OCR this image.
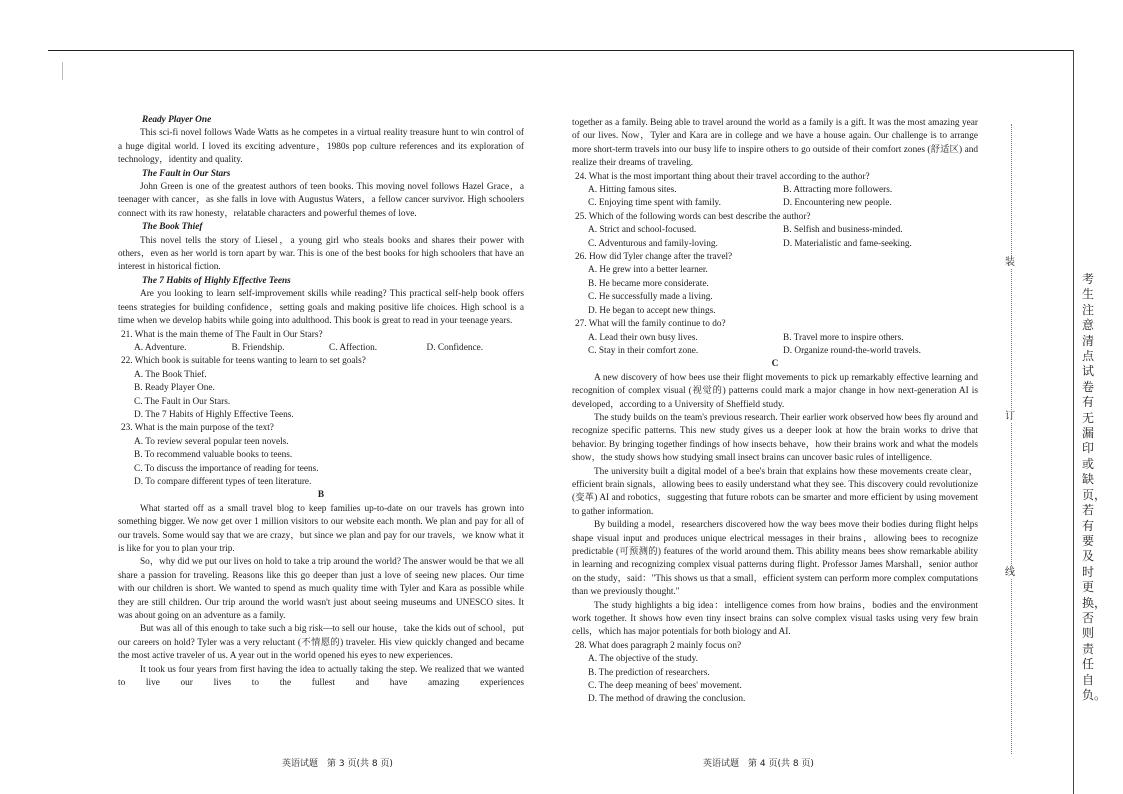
Ready Player One

This sci-fi novel follows Wade Watts as he competes in a virtual reality treasure hunt to win control of a huge digital world. I loved its exciting adventure，1980s pop culture references and its exploration of technology，identity and quality.

The Fault in Our Stars

John Green is one of the greatest authors of teen books. This moving novel follows Hazel Grace，a teenager with cancer，as she falls in love with Augustus Waters，a fellow cancer survivor. High schoolers connect with its raw honesty，relatable characters and powerful themes of love.

The Book Thief

This novel tells the story of Liesel，a young girl who steals books and shares their power with others，even as her world is torn apart by war. This is one of the best books for high schoolers that have an interest in historical fiction.

The 7 Habits of Highly Effective Teens

Are you looking to learn self-improvement skills while reading? This practical self-help book offers teens strategies for building confidence，setting goals and making positive life choices. High school is a time when we develop habits while going into adulthood. This book is great to read in your teenage years.

21. What is the main theme of The Fault in Our Stars?

A. Adventure.	B. Friendship.	C. Affection.	D. Confidence.

22. Which book is suitable for teens wanting to learn to set goals?

A. The Book Thief.

B. Ready Player One.

C. The Fault in Our Stars.

D. The 7 Habits of Highly Effective Teens.

23. What is the main purpose of the text?

A. To review several popular teen novels.

B. To recommend valuable books to teens.

C. To discuss the importance of reading for teens.

D. To compare different types of teen literature.

B

What started off as a small travel blog to keep families up-to-date on our travels has grown into something bigger. We now get over 1 million visitors to our website each month. We plan and pay for all of our travels. Some would say that we are crazy，but since we plan and pay for our travels，we know what it is like for you to plan your trip.

So，why did we put our lives on hold to take a trip around the world? The answer would be that we all share a passion for traveling. Reasons like this go deeper than just a love of seeing new places. Our time with our children is short. We wanted to spend as much quality time with Tyler and Kara as possible while they are still children. Our trip around the world wasn't just about seeing museums and UNESCO sites. It was about going on an adventure as a family.

But was all of this enough to take such a big risk—to sell our house，take the kids out of school，put our careers on hold? Tyler was a very reluctant (不情愿的) traveler. His view quickly changed and became the most active traveler of us. A year out in the world opened his eyes to new experiences.

It took us four years from first having the idea to actually taking the step. We realized that we wanted to live our lives to the fullest and have amazing experiences

together as a family. Being able to travel around the world as a family is a gift. It was the most amazing year of our lives. Now，Tyler and Kara are in college and we have a house again. Our challenge is to arrange more short-term travels into our busy life to inspire others to go outside of their comfort zones (舒适区) and realize their dreams of traveling.

24. What is the most important thing about their travel according to the author?

A. Hitting famous sites.	B. Attracting more followers.
C. Enjoying time spent with family.	D. Encountering new people.

25. Which of the following words can best describe the author?

A. Strict and school-focused.	B. Selfish and business-minded.
C. Adventurous and family-loving.	D. Materialistic and fame-seeking.

26. How did Tyler change after the travel?

A. He grew into a better learner.

B. He became more considerate.

C. He successfully made a living.

D. He began to accept new things.

27. What will the family continue to do?

A. Lead their own busy lives.	B. Travel more to inspire others.
C. Stay in their comfort zone.	D. Organize round-the-world travels.

C

A new discovery of how bees use their flight movements to pick up remarkably effective learning and recognition of complex visual (视觉的) patterns could mark a major change in how next-generation AI is developed，according to a University of Sheffield study.

The study builds on the team's previous research. Their earlier work observed how bees fly around and recognize specific patterns. This new study gives us a deeper look at how the brain works to drive that behavior. By bringing together findings of how insects behave，how their brains work and what the models show，the study shows how studying small insect brains can uncover basic rules of intelligence.

The university built a digital model of a bee's brain that explains how these movements create clear，efficient brain signals，allowing bees to easily understand what they see. This discovery could revolutionize (变革) AI and robotics，suggesting that future robots can be smarter and more efficient by using movement to gather information.

By building a model，researchers discovered how the way bees move their bodies during flight helps shape visual input and produces unique electrical messages in their brains，allowing bees to recognize predictable (可预测的) features of the world around them. This ability means bees show remarkable ability in learning and recognizing complex visual patterns during flight. Professor James Marshall，senior author on the study，said："This shows us that a small，efficient system can perform more complex computations than we previously thought."

The study highlights a big idea：intelligence comes from how brains，bodies and the environment work together. It shows how even tiny insect brains can solve complex visual tasks using very few brain cells，which has major potentials for both biology and AI.

28. What does paragraph 2 mainly focus on?

A. The objective of the study.

B. The prediction of researchers.

C. The deep meaning of bees' movement.

D. The method of drawing the conclusion.

英语试题　第 3 页(共 8 页)	英语试题　第 4 页(共 8 页)
装
订
线
考生注意清点试卷有无漏印或缺页，若有要及时更换，否则责任自负。
